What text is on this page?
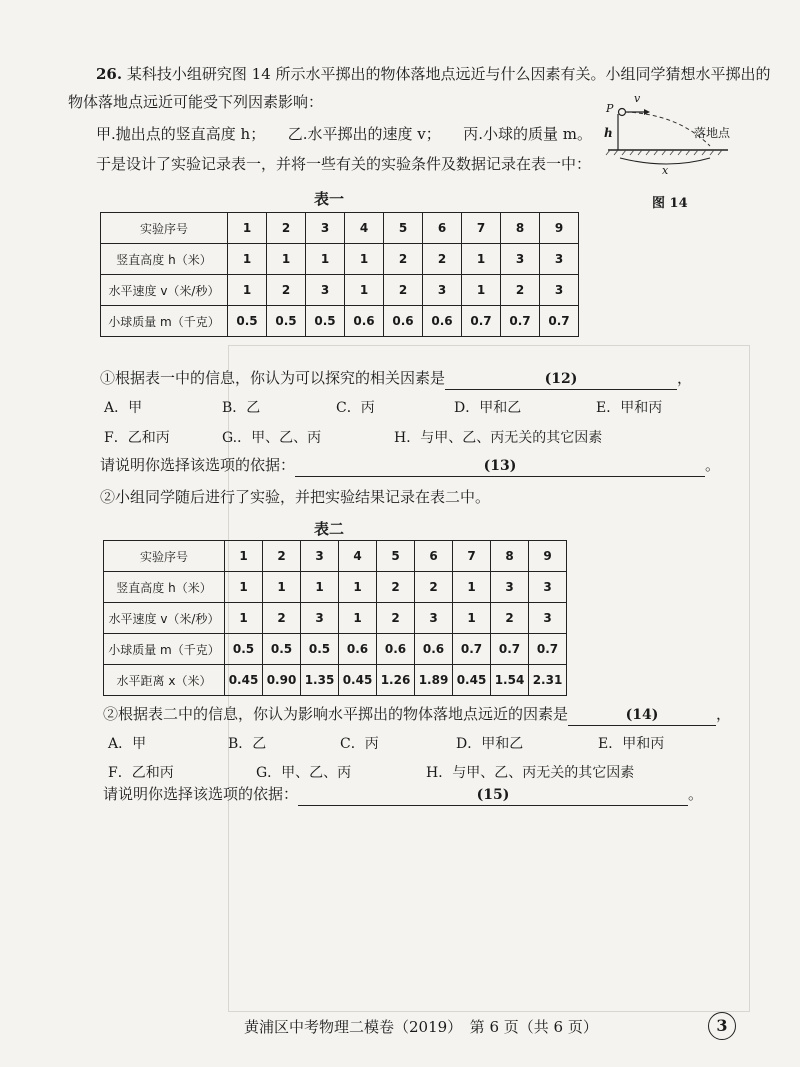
26. 某科技小组研究图 14 所示水平掷出的物体落地点远近与什么因素有关。小组同学猜想水平掷出的
物体落地点远近可能受下列因素影响：
甲.抛出点的竖直高度 h；　　乙.水平掷出的速度 v；　　丙.小球的质量 m。
于是设计了实验记录表一，并将一些有关的实验条件及数据记录在表一中：
P
v
h	落地点
x
图 14
表一
实验序号	1	2	3	4	5	6	7	8	9
竖直高度 h（米）	1	1	1	1	2	2	1	3	3
水平速度 v（米/秒）	1	2	3	1	2	3	1	2	3
小球质量 m（千克）	0.5	0.5	0.5	0.6	0.6	0.6	0.7	0.7	0.7
①根据表一中的信息，你认为可以探究的相关因素是	(12)	，
A．甲	B．乙	C．丙	D．甲和乙	E．甲和丙
F．乙和丙	G.．甲、乙、丙	H．与甲、乙、丙无关的其它因素
请说明你选择该选项的依据：	(13)	。
②小组同学随后进行了实验，并把实验结果记录在表二中。
表二
实验序号	1	2	3	4	5	6	7	8	9
竖直高度 h（米）	1	1	1	1	2	2	1	3	3
水平速度 v（米/秒）	1	2	3	1	2	3	1	2	3
小球质量 m（千克）	0.5	0.5	0.5	0.6	0.6	0.6	0.7	0.7	0.7
水平距离 x（米）	0.45	0.90	1.35	0.45	1.26	1.89	0.45	1.54	2.31
②根据表二中的信息，你认为影响水平掷出的物体落地点远近的因素是	(14)	，
A．甲	B．乙	C．丙	D．甲和乙	E．甲和丙
F．乙和丙	G．甲、乙、丙	H．与甲、乙、丙无关的其它因素
请说明你选择该选项的依据：	(15)	。
黄浦区中考物理二模卷（2019）　第 6 页（共 6 页）	3
